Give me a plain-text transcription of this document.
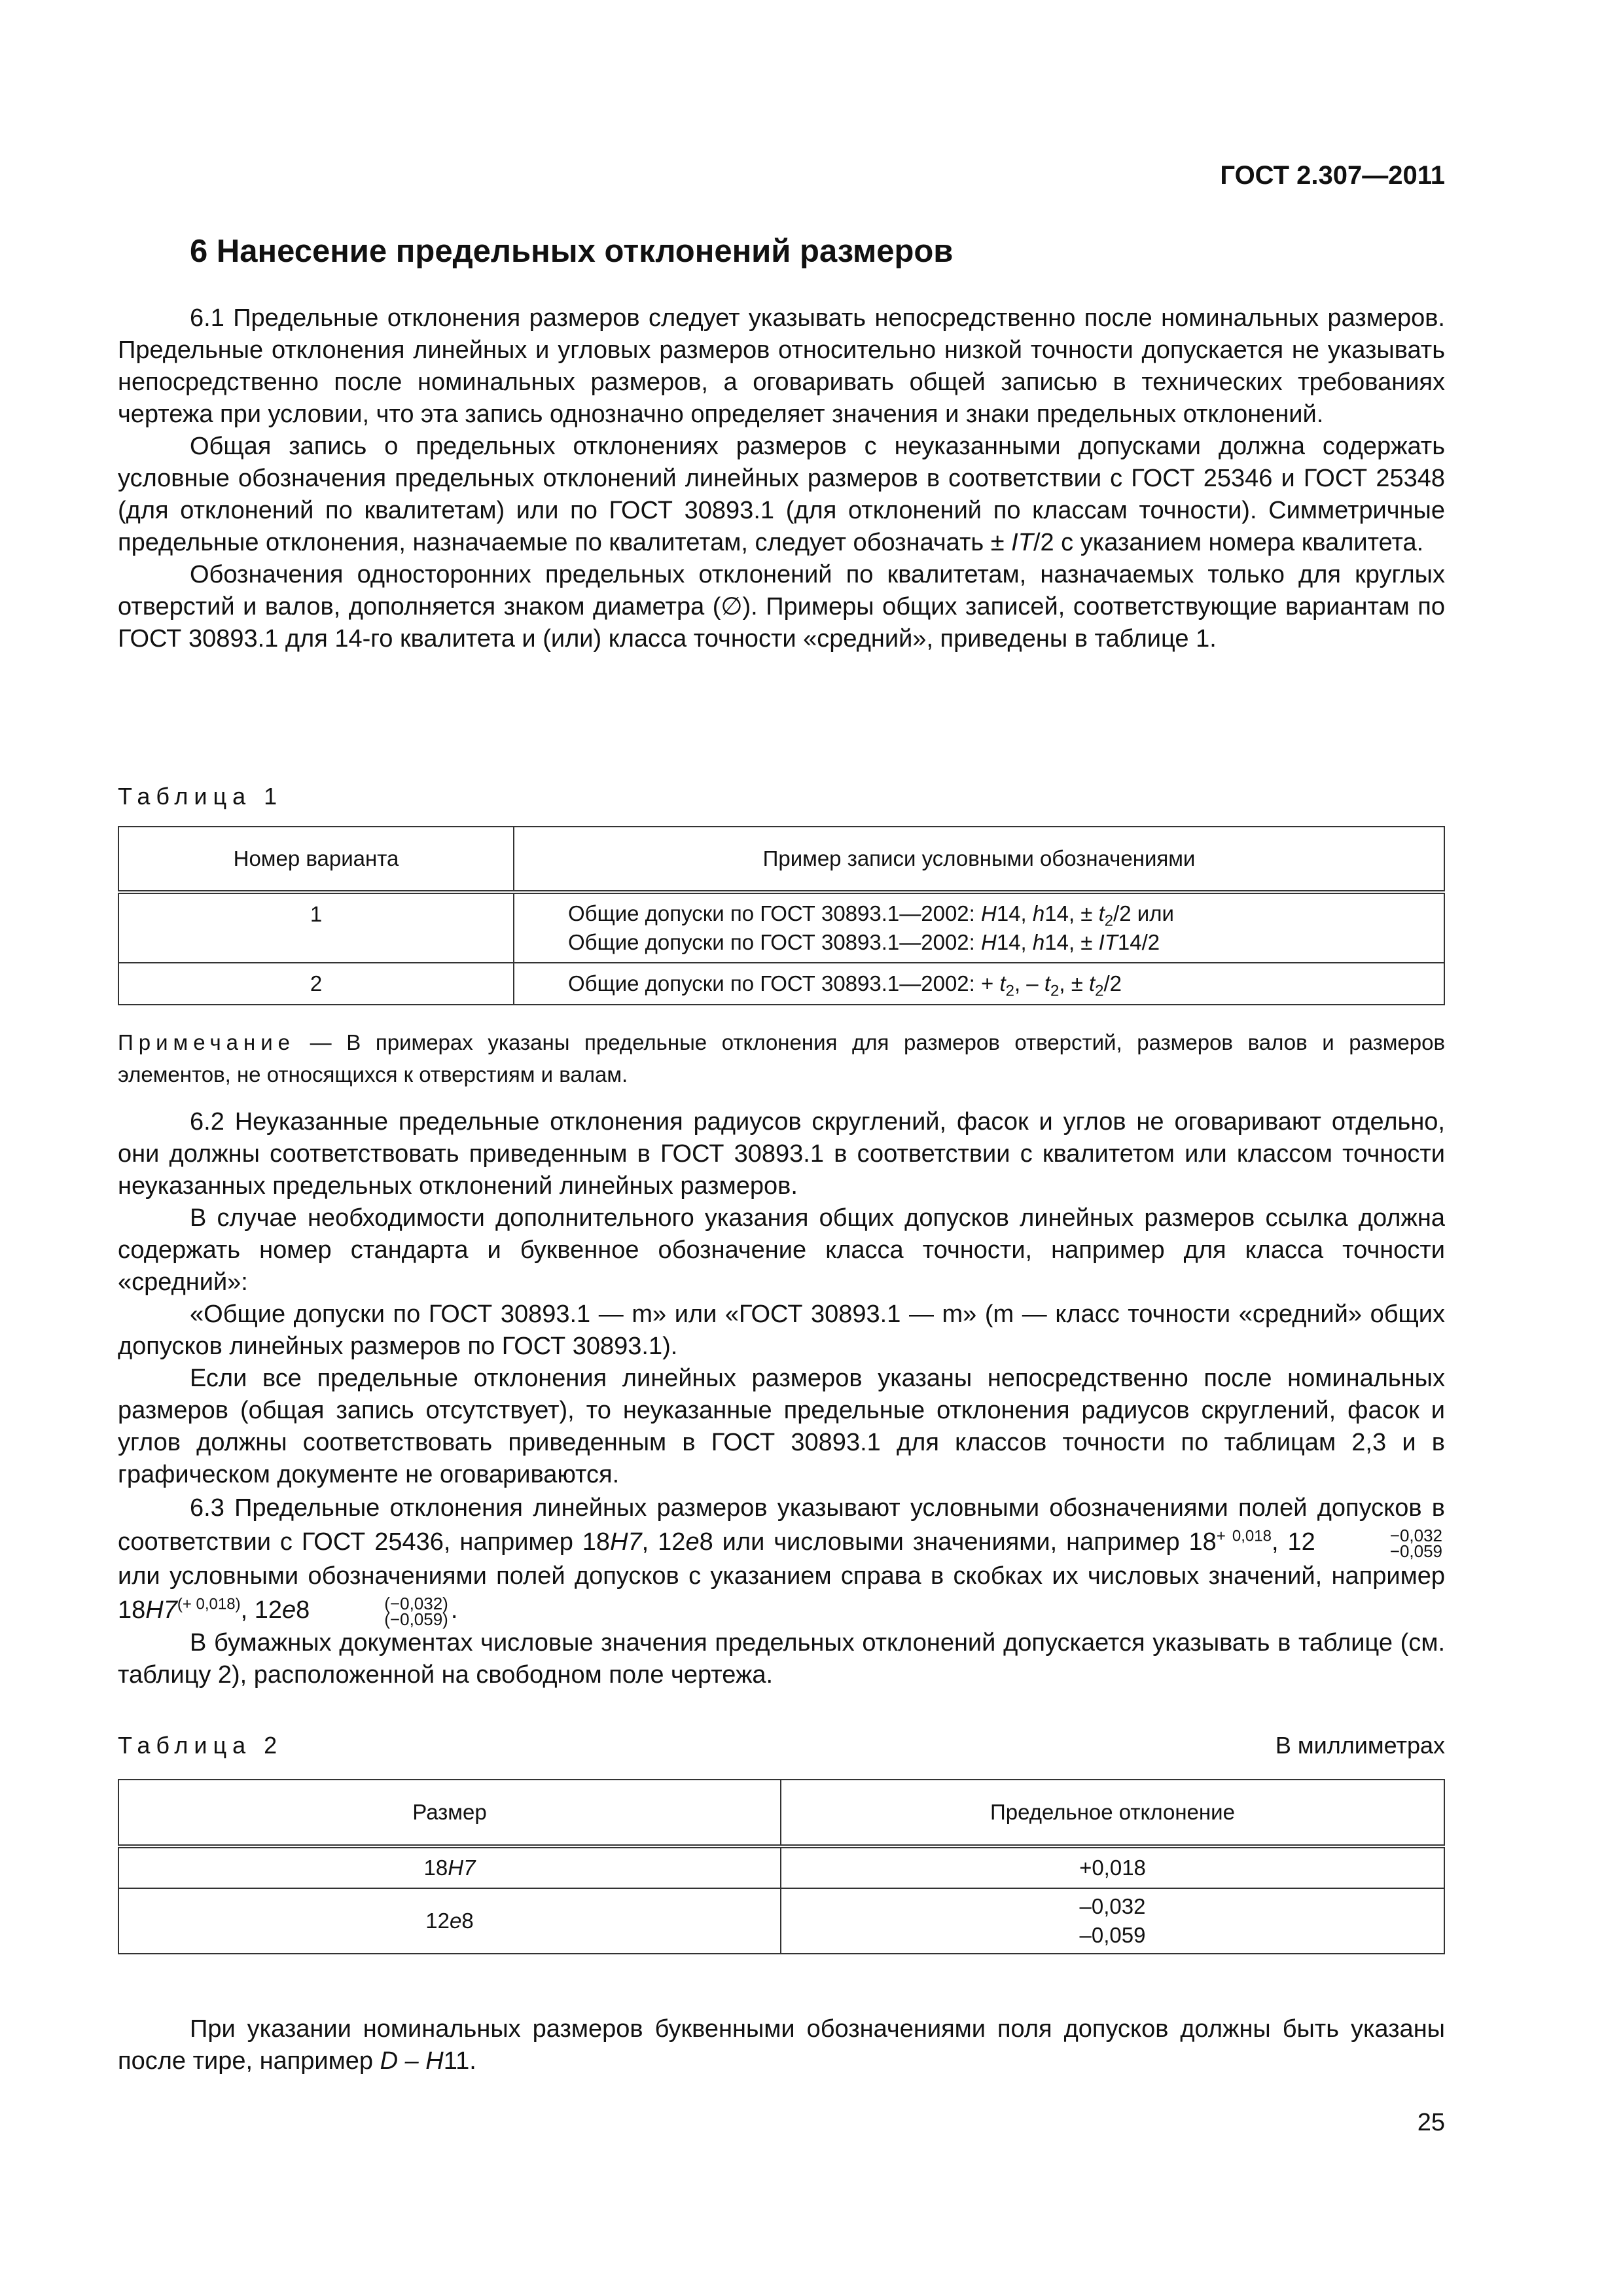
ГОСТ 2.307—2011
6 Нанесение предельных отклонений размеров

6.1 Предельные отклонения размеров следует указывать непосредственно после номинальных размеров. Предельные отклонения линейных и угловых размеров относительно низкой точности допускается не указывать непосредственно после номинальных размеров, а оговаривать общей записью в технических требованиях чертежа при условии, что эта запись однозначно определяет значения и знаки предельных отклонений.

Общая запись о предельных отклонениях размеров с неуказанными допусками должна содержать условные обозначения предельных отклонений линейных размеров в соответствии с ГОСТ 25346 и ГОСТ 25348 (для отклонений по квалитетам) или по ГОСТ 30893.1 (для отклонений по классам точности). Симметричные предельные отклонения, назначаемые по квалитетам, следует обозначать ± IT/2 с указанием номера квалитета.

Обозначения односторонних предельных отклонений по квалитетам, назначаемых только для круглых отверстий и валов, дополняется знаком диаметра (∅). Примеры общих записей, соответствующие вариантам по ГОСТ 30893.1 для 14-го квалитета и (или) класса точности «средний», приведены в таблице 1.

Таблица 1
Номер варианта	Пример записи условными обозначениями
1	Общие допуски по ГОСТ 30893.1—2002: H14, h14, ± $t_2/2$ или
Общие допуски по ГОСТ 30893.1—2002: H14, h14, ± IT14/2

2	Общие допуски по ГОСТ 30893.1—2002: + $t_2$, – $t_2$, ± $t_2/2$
Примечание — В примерах указаны предельные отклонения для размеров отверстий, размеров валов и размеров элементов, не относящихся к отверстиям и валам.

6.2 Неуказанные предельные отклонения радиусов скруглений, фасок и углов не оговаривают отдельно, они должны соответствовать приведенным в ГОСТ 30893.1 в соответствии с квалитетом или классом точности неуказанных предельных отклонений линейных размеров.

В случае необходимости дополнительного указания общих допусков линейных размеров ссылка должна содержать номер стандарта и буквенное обозначение класса точности, например для класса точности «средний»:

«Общие допуски по ГОСТ 30893.1 — m» или «ГОСТ 30893.1 — m» (m — класс точности «средний» общих допусков линейных размеров по ГОСТ 30893.1).

Если все предельные отклонения линейных размеров указаны непосредственно после номинальных размеров (общая запись отсутствует), то неуказанные предельные отклонения радиусов скруглений, фасок и углов должны соответствовать приведенным в ГОСТ 30893.1 для классов точности по таблицам 2,3 и в графическом документе не оговариваются.

6.3 Предельные отклонения линейных размеров указывают условными обозначениями полей допусков в соответствии с ГОСТ 25436, например 18H7, 12e8 или числовыми значениями, например $18^{+ 0,018}$, 12	−0,032
−0,059
или условными обозначениями полей допусков с указанием справа в скобках их числовых значений, например $18H7^{(+ 0,018)}$, 12e8	(−0,032)
(−0,059) .

В бумажных документах числовые значения предельных отклонений допускается указывать в таблице (см. таблицу 2), расположенной на свободном поле чертежа.

Таблица 2	В миллиметрах
Размер	Предельное отклонение
18H7	+0,018
12e8	–0,032
–0,059

При указании номинальных размеров буквенными обозначениями поля допусков должны быть указаны после тире, например D – H11.

25
